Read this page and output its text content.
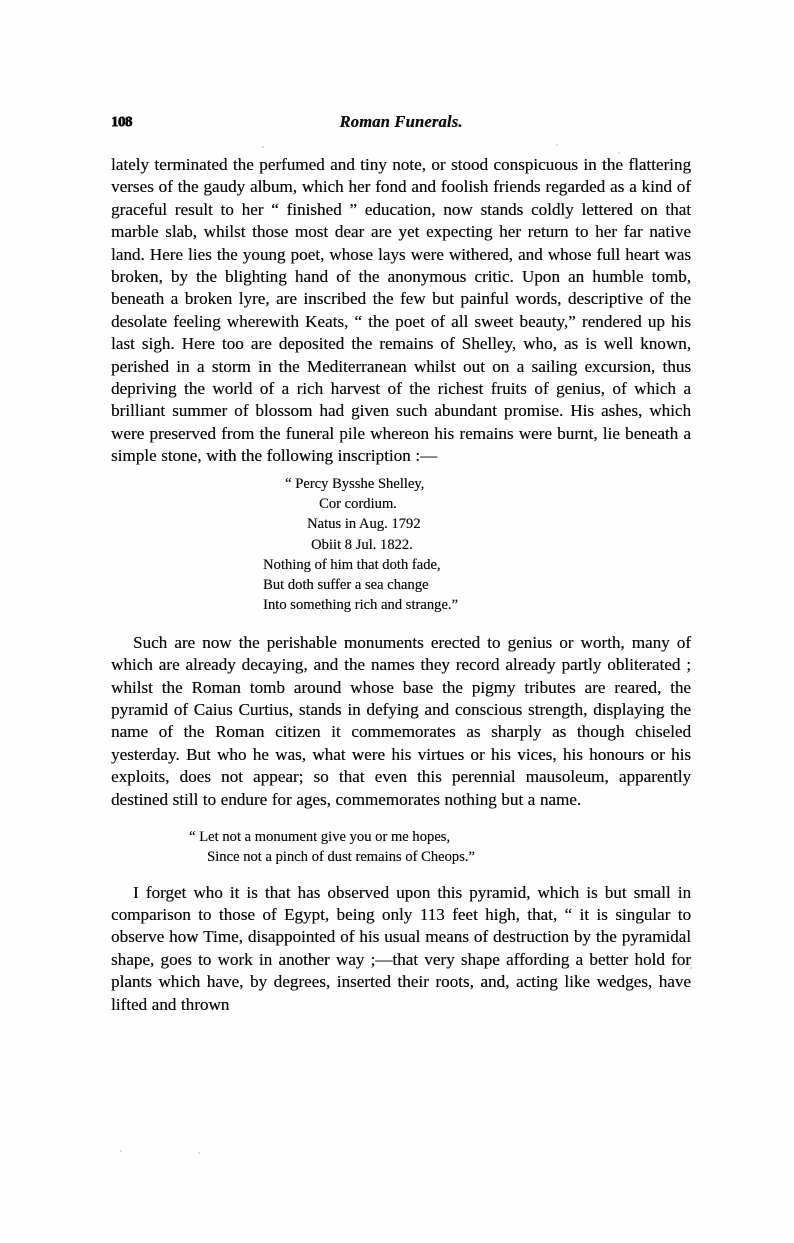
108	Roman Funerals.

lately terminated the perfumed and tiny note, or stood conspicuous in the flattering verses of the gaudy album, which her fond and foolish friends regarded as a kind of graceful result to her “ finished ” education, now stands coldly lettered on that marble slab, whilst those most dear are yet expecting her return to her far native land. Here lies the young poet, whose lays were withered, and whose full heart was broken, by the blighting hand of the anonymous critic. Upon an humble tomb, beneath a broken lyre, are inscribed the few but painful words, descriptive of the desolate feeling wherewith Keats, “ the poet of all sweet beauty,” rendered up his last sigh. Here too are deposited the remains of Shelley, who, as is well known, perished in a storm in the Mediterranean whilst out on a sailing excursion, thus depriving the world of a rich harvest of the richest fruits of genius, of which a brilliant summer of blossom had given such abundant promise. His ashes, which were preserved from the funeral pile whereon his remains were burnt, lie beneath a simple stone, with the following inscription :—

“ Percy Bysshe Shelley,
Cor cordium.
Natus in Aug. 1792
Obiit 8 Jul. 1822.
Nothing of him that doth fade,
But doth suffer a sea change
Into something rich and strange.”

Such are now the perishable monuments erected to genius or worth, many of which are already decaying, and the names they record already partly obliterated ; whilst the Roman tomb around whose base the pigmy tributes are reared, the pyramid of Caius Curtius, stands in defying and conscious strength, displaying the name of the Roman citizen it commemorates as sharply as though chiseled yesterday. But who he was, what were his virtues or his vices, his honours or his exploits, does not appear; so that even this perennial mausoleum, apparently destined still to endure for ages, commemorates nothing but a name.

“ Let not a monument give you or me hopes,
Since not a pinch of dust remains of Cheops.”

I forget who it is that has observed upon this pyramid, which is but small in comparison to those of Egypt, being only 113 feet high, that, “ it is singular to observe how Time, disappointed of his usual means of destruction by the pyramidal shape, goes to work in another way ;—that very shape affording a better hold for plants which have, by degrees, inserted their roots, and, acting like wedges, have lifted and thrown
